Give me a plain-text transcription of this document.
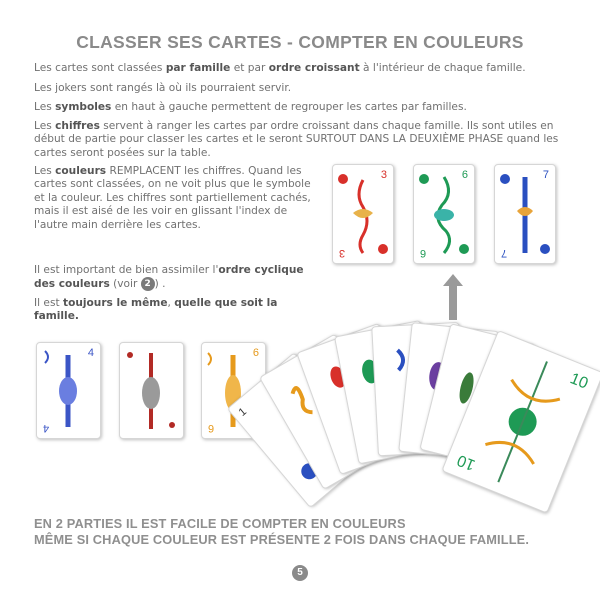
CLASSER SES CARTES - COMPTER EN COULEURS
Les cartes sont classées par famille et par ordre croissant à l'intérieur de chaque famille.
Les jokers sont rangés là où ils pourraient servir.
Les symboles en haut à gauche permettent de regrouper les cartes par familles.
Les chiffres servent à ranger les cartes par ordre croissant dans chaque famille. Ils sont utiles en début de partie pour classer les cartes et le seront SURTOUT DANS LA DEUXIÈME PHASE quand les cartes seront posées sur la table.
Les couleurs REMPLACENT les chiffres. Quand les cartes sont classées, on ne voit plus que le symbole et la couleur. Les chiffres sont partiellement cachés, mais il est aisé de les voir en glissant l'index de l'autre main derrière les cartes.
Il est important de bien assimiler l'ordre cyclique des couleurs (voir 2 ) .
Il est toujours le même, quelle que soit la famille.
3
3
6
6
7
7
4
4
6
6
1
10
10
EN 2 PARTIES IL EST FACILE DE COMPTER EN COULEURS
MÊME SI CHAQUE COULEUR EST PRÉSENTE 2 FOIS DANS CHAQUE FAMILLE.
5
